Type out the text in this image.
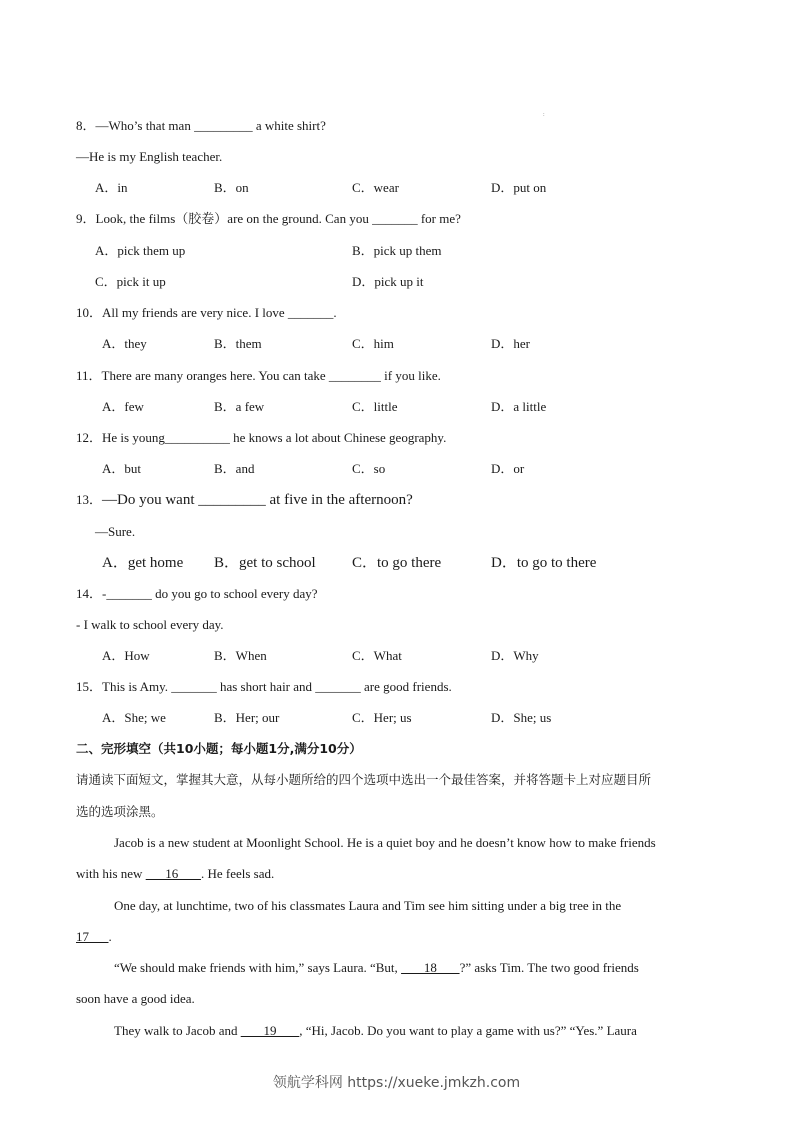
:
8．—Who’s that man _________ a white shirt?
—He is my English teacher.
A．in	B．on	C．wear	D．put on
9．Look, the films（胶卷）are on the ground. Can you _______ for me?
A．pick them up	B．pick up them
C．pick it up	D．pick up it
10．All my friends are very nice. I love _______.
A．they	B．them	C．him	D．her
11．There are many oranges here. You can take ________ if you like.
A．few	B．a few	C．little	D．a little
12．He is young__________ he knows a lot about Chinese geography.
A．but	B．and	C．so	D．or
13．—Do you want _________ at five in the afternoon?
—Sure.
A．get home B．get to school C．to go there	D．to go to there
14．-_______ do you go to school every day?
- I walk to school every day.
A．How	B．When	C．What	D．Why
15．This is Amy. _______ has short hair and _______ are good friends.
A．She; we	B．Her; our	C．Her; us	D．She; us
二、完形填空（共10小题；每小题1分,满分10分）
请通读下面短文，掌握其大意，从每小题所给的四个选项中选出一个最佳答案，并将答题卡上对应题目所
选的选项涂黑。
Jacob is a new student at Moonlight School. He is a quiet boy and he doesn’t know how to make friends
with his new       16       . He feels sad.
One day, at lunchtime, two of his classmates Laura and Tim see him sitting under a big tree in the
17      .
“We should make friends with him,” says Laura. “But,        18       ?” asks Tim. The two good friends
soon have a good idea.
They walk to Jacob and        19       , “Hi, Jacob. Do you want to play a game with us?” “Yes.” Laura
领航学科网 https://xueke.jmkzh.com
